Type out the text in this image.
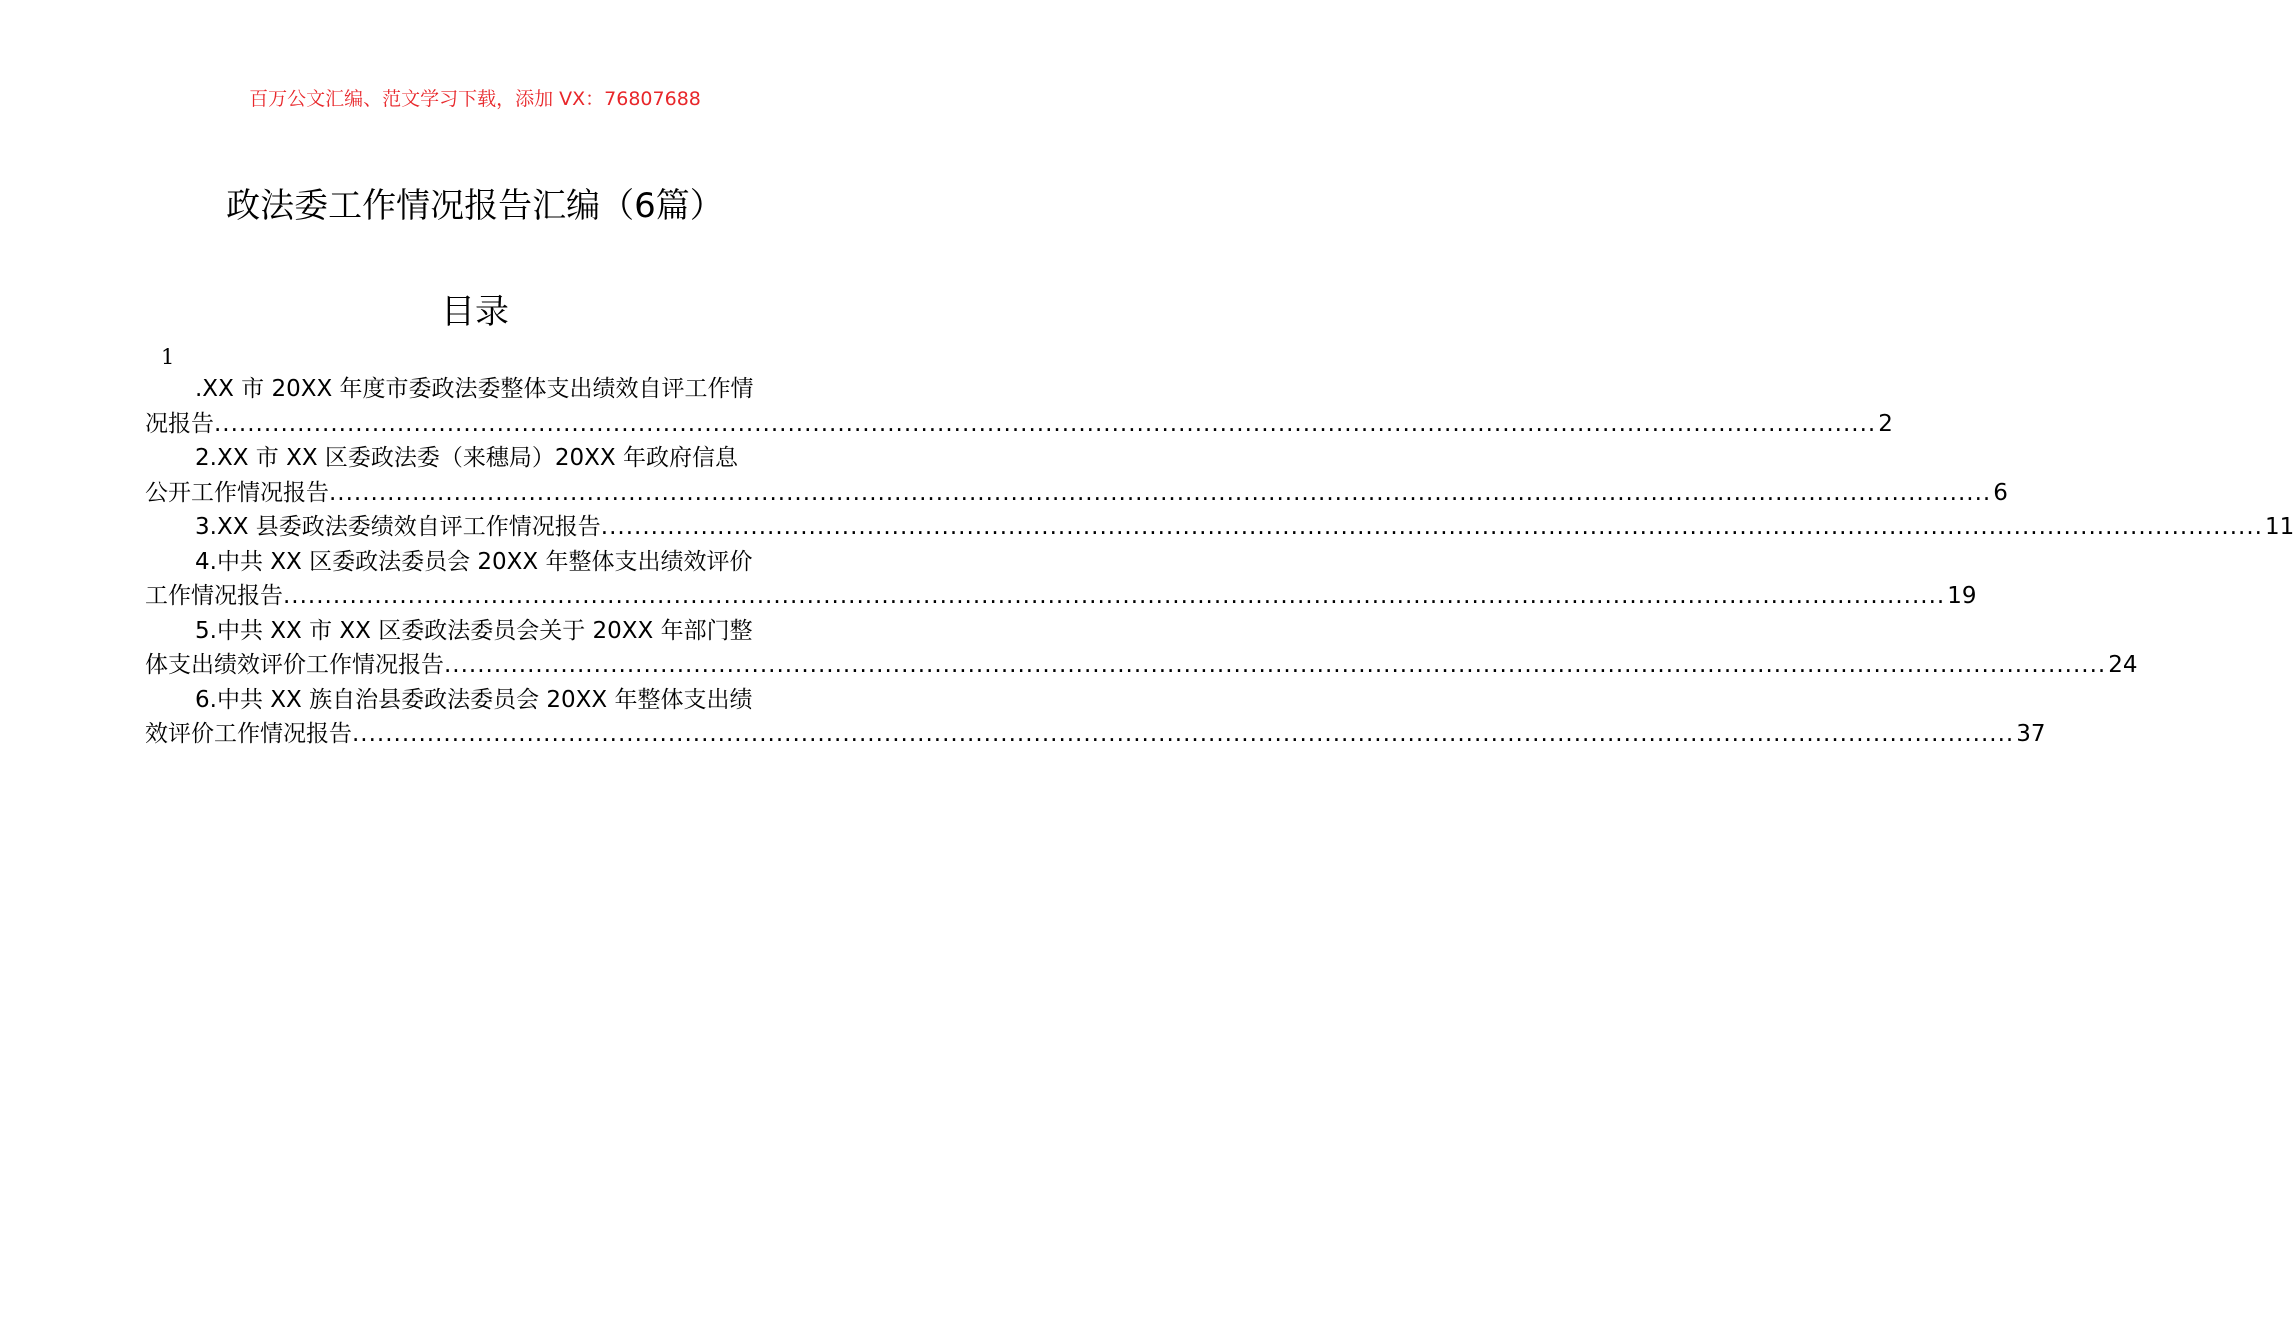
百万公文汇编、范文学习下载，添加 VX：76807688
政法委工作情况报告汇编（6篇）
目录
1
.XX 市 20XX 年度市委政法委整体支出绩效自评工作情
况报告 ........................................................................................................................................................................................................ 2
2.XX 市 XX 区委政法委（来穗局）20XX 年政府信息
公开工作情况报告 ........................................................................................................................................................................................................ 6
3.XX 县委政法委绩效自评工作情况报告 ........................................................................................................................................................................................................ 11
4.中共 XX 区委政法委员会 20XX 年整体支出绩效评价
工作情况报告 ........................................................................................................................................................................................................ 19
5.中共 XX 市 XX 区委政法委员会关于 20XX 年部门整
体支出绩效评价工作情况报告 ........................................................................................................................................................................................................ 24
6.中共 XX 族自治县委政法委员会 20XX 年整体支出绩
效评价工作情况报告 ........................................................................................................................................................................................................ 37
